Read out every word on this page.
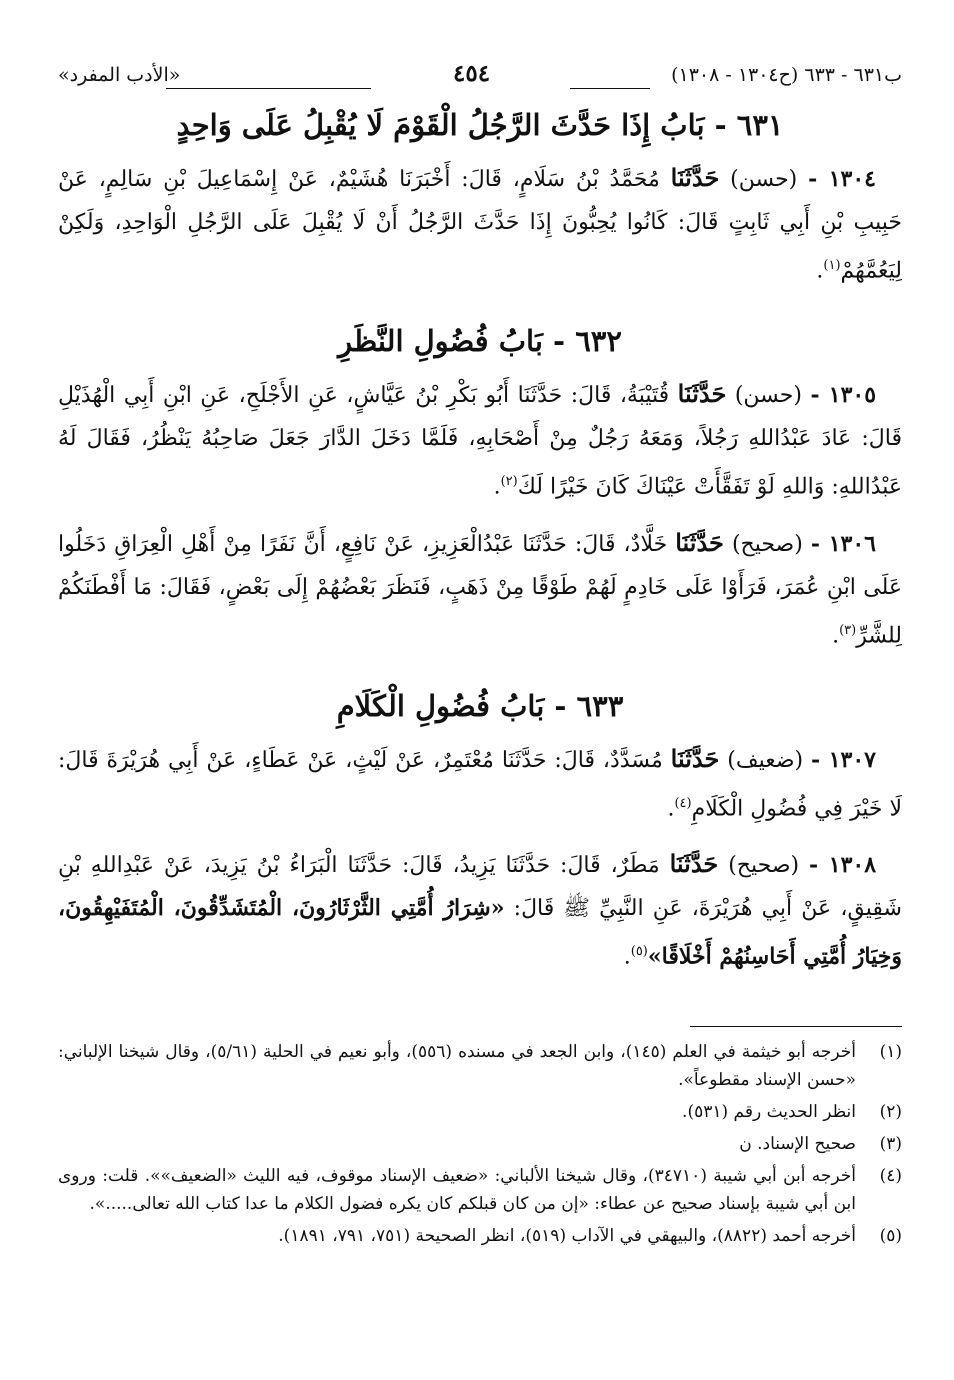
ب٦٣١ - ٦٣٣ (ح١٣٠٤ - ١٣٠٨)
٤٥٤
«الأدب المفرد»
٦٣١ - بَابُ إِذَا حَدَّثَ الرَّجُلُ الْقَوْمَ لَا يُقْبِلُ عَلَى وَاحِدٍ

١٣٠٤ - (حسن) حَدَّثَنَا مُحَمَّدُ بْنُ سَلَامٍ، قَالَ: أَخْبَرَنَا هُشَيْمٌ، عَنْ إِسْمَاعِيلَ بْنِ سَالِمٍ، عَنْ حَبِيبِ بْنِ أَبِي ثَابِتٍ قَالَ: كَانُوا يُحِبُّونَ إِذَا حَدَّثَ الرَّجُلُ أَنْ لَا يُقْبِلَ عَلَى الرَّجُلِ الْوَاحِدِ، وَلَكِنْ لِيَعُمَّهُمْ$^{(١)}$.

٦٣٢ - بَابُ فُضُولِ النَّظَرِ

١٣٠٥ - (حسن) حَدَّثَنَا قُتَيْبَةُ، قَالَ: حَدَّثَنَا أَبُو بَكْرِ بْنُ عَيَّاشٍ، عَنِ الأَجْلَحِ، عَنِ ابْنِ أَبِي الْهُذَيْلِ قَالَ: عَادَ عَبْدُاللهِ رَجُلاً، وَمَعَهُ رَجُلٌ مِنْ أَصْحَابِهِ، فَلَمَّا دَخَلَ الدَّارَ جَعَلَ صَاحِبُهُ يَنْظُرُ، فَقَالَ لَهُ عَبْدُاللهِ: وَاللهِ لَوْ تَفَقَّأَتْ عَيْنَاكَ كَانَ خَيْرًا لَكَ$^{(٢)}$.

١٣٠٦ - (صحيح) حَدَّثَنَا خَلَّادٌ، قَالَ: حَدَّثَنَا عَبْدُالْعَزِيزِ، عَنْ نَافِعٍ، أَنَّ نَفَرًا مِنْ أَهْلِ الْعِرَاقِ دَخَلُوا عَلَى ابْنِ عُمَرَ، فَرَأَوْا عَلَى خَادِمٍ لَهُمْ طَوْقًا مِنْ ذَهَبٍ، فَنَظَرَ بَعْضُهُمْ إِلَى بَعْضٍ، فَقَالَ: مَا أَفْطَنَكُمْ لِلشَّرِّ$^{(٣)}$.

٦٣٣ - بَابُ فُضُولِ الْكَلَامِ

١٣٠٧ - (ضعيف) حَدَّثَنَا مُسَدَّدٌ، قَالَ: حَدَّثَنَا مُعْتَمِرٌ، عَنْ لَيْثٍ، عَنْ عَطَاءٍ، عَنْ أَبِي هُرَيْرَةَ قَالَ: لَا خَيْرَ فِي فُضُولِ الْكَلَامِ$^{(٤)}$.

١٣٠٨ - (صحيح) حَدَّثَنَا مَطَرٌ، قَالَ: حَدَّثَنَا يَزِيدُ، قَالَ: حَدَّثَنَا الْبَرَاءُ بْنُ يَزِيدَ، عَنْ عَبْدِاللهِ بْنِ شَقِيقٍ، عَنْ أَبِي هُرَيْرَةَ، عَنِ النَّبِيِّ ﷺ قَالَ: «شِرَارُ أُمَّتِي الثَّرْثَارُونَ، الْمُتَشَدِّقُونَ، الْمُتَفَيْهِقُونَ، وَخِيَارُ أُمَّتِي أَحَاسِنُهُمْ أَخْلَاقًا»$^{(٥)}$.

(١)
أخرجه أبو خيثمة في العلم (١٤٥)، وابن الجعد في مسنده (٥٥٦)، وأبو نعيم في الحلية (٥/٦١)، وقال شيخنا الإلباني: «حسن الإسناد مقطوعاً».
(٢)
انظر الحديث رقم (٥٣١).
(٣)
صحيح الإسناد. ن
(٤)
أخرجه أبن أبي شيبة (٣٤٧١٠)، وقال شيخنا الألباني: «ضعيف الإسناد موقوف، فيه الليث «الضعيف»». قلت: وروى ابن أبي شيبة بإسناد صحيح عن عطاء: «إن من كان قبلكم كان يكره فضول الكلام ما عدا كتاب الله تعالى.....».
(٥)
أخرجه أحمد (٨٨٢٢)، والبيهقي في الآداب (٥١٩)، انظر الصحيحة (٧٥١، ٧٩١، ١٨٩١).
